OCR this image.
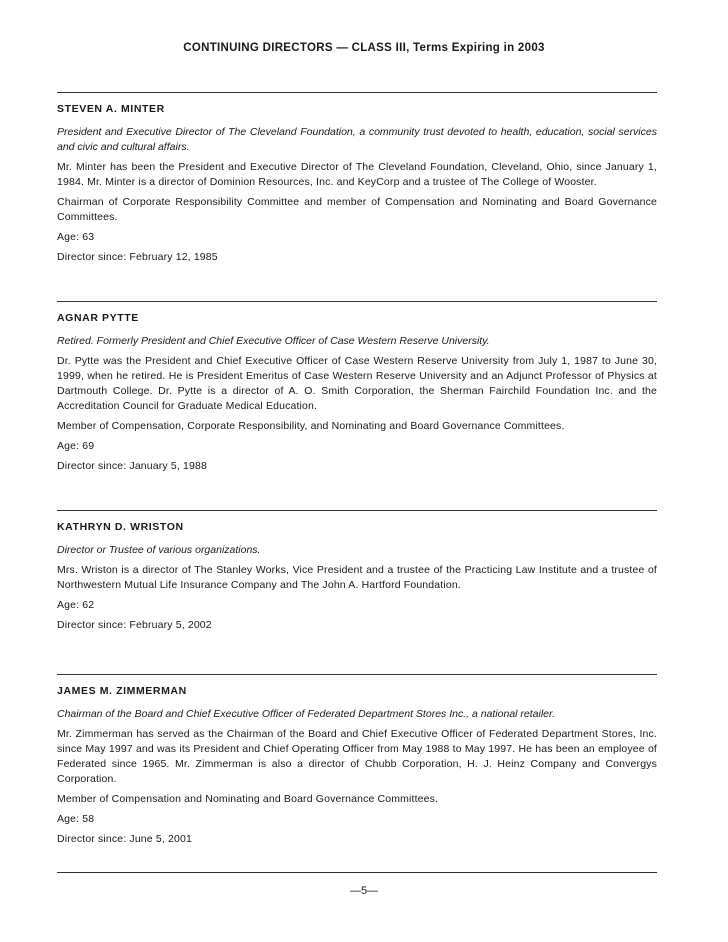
CONTINUING DIRECTORS — CLASS III, Terms Expiring in 2003
STEVEN A. MINTER
President and Executive Director of The Cleveland Foundation, a community trust devoted to health, education, social services and civic and cultural affairs.
Mr. Minter has been the President and Executive Director of The Cleveland Foundation, Cleveland, Ohio, since January 1, 1984. Mr. Minter is a director of Dominion Resources, Inc. and KeyCorp and a trustee of The College of Wooster.
Chairman of Corporate Responsibility Committee and member of Compensation and Nominating and Board Governance Committees.
Age: 63
Director since: February 12, 1985
AGNAR PYTTE
Retired. Formerly President and Chief Executive Officer of Case Western Reserve University.
Dr. Pytte was the President and Chief Executive Officer of Case Western Reserve University from July 1, 1987 to June 30, 1999, when he retired. He is President Emeritus of Case Western Reserve University and an Adjunct Professor of Physics at Dartmouth College. Dr. Pytte is a director of A. O. Smith Corporation, the Sherman Fairchild Foundation Inc. and the Accreditation Council for Graduate Medical Education.
Member of Compensation, Corporate Responsibility, and Nominating and Board Governance Committees.
Age: 69
Director since: January 5, 1988
KATHRYN D. WRISTON
Director or Trustee of various organizations.
Mrs. Wriston is a director of The Stanley Works, Vice President and a trustee of the Practicing Law Institute and a trustee of Northwestern Mutual Life Insurance Company and The John A. Hartford Foundation.
Age: 62
Director since: February 5, 2002
JAMES M. ZIMMERMAN
Chairman of the Board and Chief Executive Officer of Federated Department Stores Inc., a national retailer.
Mr. Zimmerman has served as the Chairman of the Board and Chief Executive Officer of Federated Department Stores, Inc. since May 1997 and was its President and Chief Operating Officer from May 1988 to May 1997. He has been an employee of Federated since 1965. Mr. Zimmerman is also a director of Chubb Corporation, H. J. Heinz Company and Convergys Corporation.
Member of Compensation and Nominating and Board Governance Committees.
Age: 58
Director since: June 5, 2001
—5—
